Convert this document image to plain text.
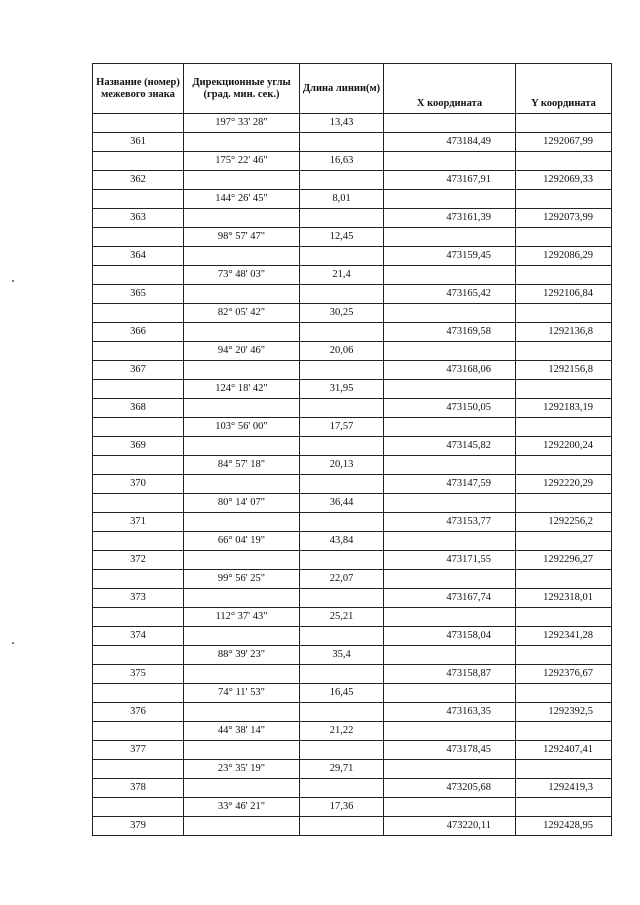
Название (номер) межевого знака	Дирекционные углы (град. мин. сек.)	Длина линии(м)	X координата	Y координата
	197° 33' 28"	13,43		
361			473184,49	1292067,99
	175° 22' 46"	16,63		
362			473167,91	1292069,33
	144° 26' 45"	8,01		
363			473161,39	1292073,99
	98° 57' 47"	12,45		
364			473159,45	1292086,29
	73° 48' 03"	21,4		
365			473165,42	1292106,84
	82° 05' 42"	30,25		
366			473169,58	1292136,8
	94° 20' 46"	20,06		
367			473168,06	1292156,8
	124° 18' 42"	31,95		
368			473150,05	1292183,19
	103° 56' 00"	17,57		
369			473145,82	1292200,24
	84° 57' 18"	20,13		
370			473147,59	1292220,29
	80° 14' 07"	36,44		
371			473153,77	1292256,2
	66° 04' 19"	43,84		
372			473171,55	1292296,27
	99° 56' 25"	22,07		
373			473167,74	1292318,01
	112° 37' 43"	25,21		
374			473158,04	1292341,28
	88° 39' 23"	35,4		
375			473158,87	1292376,67
	74° 11' 53"	16,45		
376			473163,35	1292392,5
	44° 38' 14"	21,22		
377			473178,45	1292407,41
	23° 35' 19"	29,71		
378			473205,68	1292419,3
	33° 46' 21"	17,36		
379			473220,11	1292428,95
